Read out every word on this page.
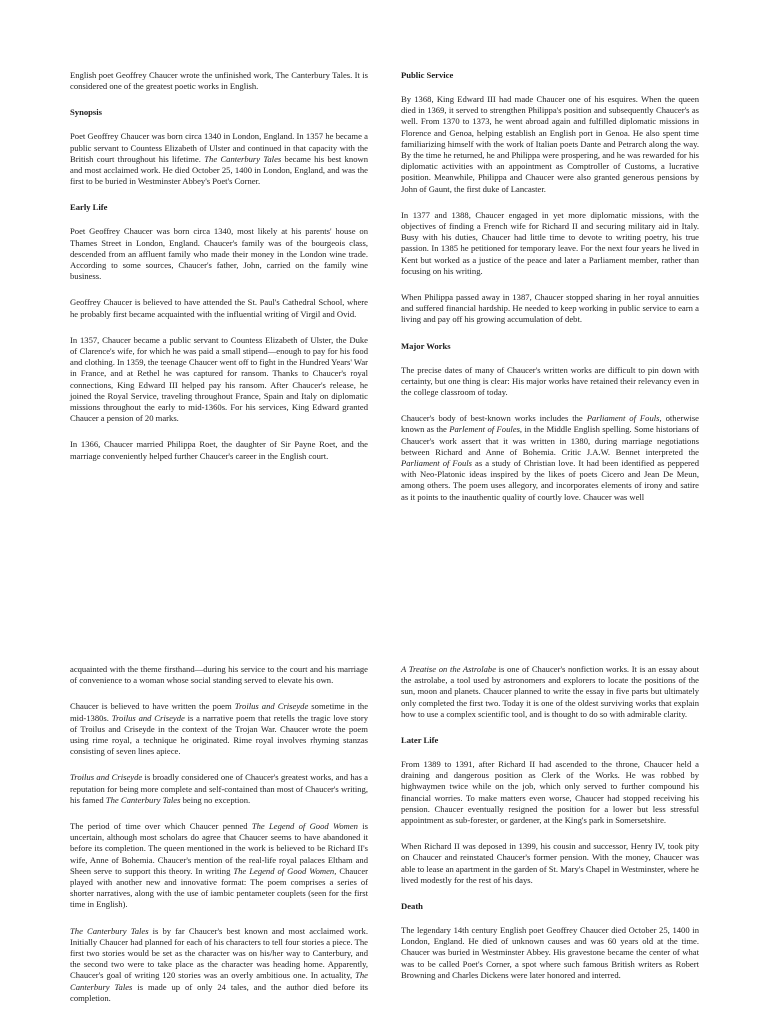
English poet Geoffrey Chaucer wrote the unfinished work, The Canterbury Tales. It is considered one of the greatest poetic works in English.

Synopsis

Poet Geoffrey Chaucer was born circa 1340 in London, England. In 1357 he became a public servant to Countess Elizabeth of Ulster and continued in that capacity with the British court throughout his lifetime. The Canterbury Tales became his best known and most acclaimed work. He died October 25, 1400 in London, England, and was the first to be buried in Westminster Abbey's Poet's Corner.

Early Life

Poet Geoffrey Chaucer was born circa 1340, most likely at his parents' house on Thames Street in London, England. Chaucer's family was of the bourgeois class, descended from an affluent family who made their money in the London wine trade. According to some sources, Chaucer's father, John, carried on the family wine business.

Geoffrey Chaucer is believed to have attended the St. Paul's Cathedral School, where he probably first became acquainted with the influential writing of Virgil and Ovid.

In 1357, Chaucer became a public servant to Countess Elizabeth of Ulster, the Duke of Clarence's wife, for which he was paid a small stipend—enough to pay for his food and clothing. In 1359, the teenage Chaucer went off to fight in the Hundred Years' War in France, and at Rethel he was captured for ransom. Thanks to Chaucer's royal connections, King Edward III helped pay his ransom. After Chaucer's release, he joined the Royal Service, traveling throughout France, Spain and Italy on diplomatic missions throughout the early to mid-1360s. For his services, King Edward granted Chaucer a pension of 20 marks.

In 1366, Chaucer married Philippa Roet, the daughter of Sir Payne Roet, and the marriage conveniently helped further Chaucer's career in the English court.

Public Service

By 1368, King Edward III had made Chaucer one of his esquires. When the queen died in 1369, it served to strengthen Philippa's position and subsequently Chaucer's as well. From 1370 to 1373, he went abroad again and fulfilled diplomatic missions in Florence and Genoa, helping establish an English port in Genoa. He also spent time familiarizing himself with the work of Italian poets Dante and Petrarch along the way. By the time he returned, he and Philippa were prospering, and he was rewarded for his diplomatic activities with an appointment as Comptroller of Customs, a lucrative position. Meanwhile, Philippa and Chaucer were also granted generous pensions by John of Gaunt, the first duke of Lancaster.

In 1377 and 1388, Chaucer engaged in yet more diplomatic missions, with the objectives of finding a French wife for Richard II and securing military aid in Italy. Busy with his duties, Chaucer had little time to devote to writing poetry, his true passion. In 1385 he petitioned for temporary leave. For the next four years he lived in Kent but worked as a justice of the peace and later a Parliament member, rather than focusing on his writing.

When Philippa passed away in 1387, Chaucer stopped sharing in her royal annuities and suffered financial hardship. He needed to keep working in public service to earn a living and pay off his growing accumulation of debt.

Major Works

The precise dates of many of Chaucer's written works are difficult to pin down with certainty, but one thing is clear: His major works have retained their relevancy even in the college classroom of today.

Chaucer's body of best-known works includes the Parliament of Fouls, otherwise known as the Parlement of Foules, in the Middle English spelling. Some historians of Chaucer's work assert that it was written in 1380, during marriage negotiations between Richard and Anne of Bohemia. Critic J.A.W. Bennet interpreted the Parliament of Fouls as a study of Christian love. It had been identified as peppered with Neo-Platonic ideas inspired by the likes of poets Cicero and Jean De Meun, among others. The poem uses allegory, and incorporates elements of irony and satire as it points to the inauthentic quality of courtly love. Chaucer was well

acquainted with the theme firsthand—during his service to the court and his marriage of convenience to a woman whose social standing served to elevate his own.

Chaucer is believed to have written the poem Troilus and Criseyde sometime in the mid-1380s. Troilus and Criseyde is a narrative poem that retells the tragic love story of Troilus and Criseyde in the context of the Trojan War. Chaucer wrote the poem using rime royal, a technique he originated. Rime royal involves rhyming stanzas consisting of seven lines apiece.

Troilus and Criseyde is broadly considered one of Chaucer's greatest works, and has a reputation for being more complete and self-contained than most of Chaucer's writing, his famed The Canterbury Tales being no exception.

The period of time over which Chaucer penned The Legend of Good Women is uncertain, although most scholars do agree that Chaucer seems to have abandoned it before its completion. The queen mentioned in the work is believed to be Richard II's wife, Anne of Bohemia. Chaucer's mention of the real-life royal palaces Eltham and Sheen serve to support this theory. In writing The Legend of Good Women, Chaucer played with another new and innovative format: The poem comprises a series of shorter narratives, along with the use of iambic pentameter couplets (seen for the first time in English).

The Canterbury Tales is by far Chaucer's best known and most acclaimed work. Initially Chaucer had planned for each of his characters to tell four stories a piece. The first two stories would be set as the character was on his/her way to Canterbury, and the second two were to take place as the character was heading home. Apparently, Chaucer's goal of writing 120 stories was an overly ambitious one. In actuality, The Canterbury Tales is made up of only 24 tales, and the author died before its completion.

A Treatise on the Astrolabe is one of Chaucer's nonfiction works. It is an essay about the astrolabe, a tool used by astronomers and explorers to locate the positions of the sun, moon and planets. Chaucer planned to write the essay in five parts but ultimately only completed the first two. Today it is one of the oldest surviving works that explain how to use a complex scientific tool, and is thought to do so with admirable clarity.

Later Life

From 1389 to 1391, after Richard II had ascended to the throne, Chaucer held a draining and dangerous position as Clerk of the Works. He was robbed by highwaymen twice while on the job, which only served to further compound his financial worries. To make matters even worse, Chaucer had stopped receiving his pension. Chaucer eventually resigned the position for a lower but less stressful appointment as sub-forester, or gardener, at the King's park in Somersetshire.

When Richard II was deposed in 1399, his cousin and successor, Henry IV, took pity on Chaucer and reinstated Chaucer's former pension. With the money, Chaucer was able to lease an apartment in the garden of St. Mary's Chapel in Westminster, where he lived modestly for the rest of his days.

Death

The legendary 14th century English poet Geoffrey Chaucer died October 25, 1400 in London, England. He died of unknown causes and was 60 years old at the time. Chaucer was buried in Westminster Abbey. His gravestone became the center of what was to be called Poet's Corner, a spot where such famous British writers as Robert Browning and Charles Dickens were later honored and interred.
